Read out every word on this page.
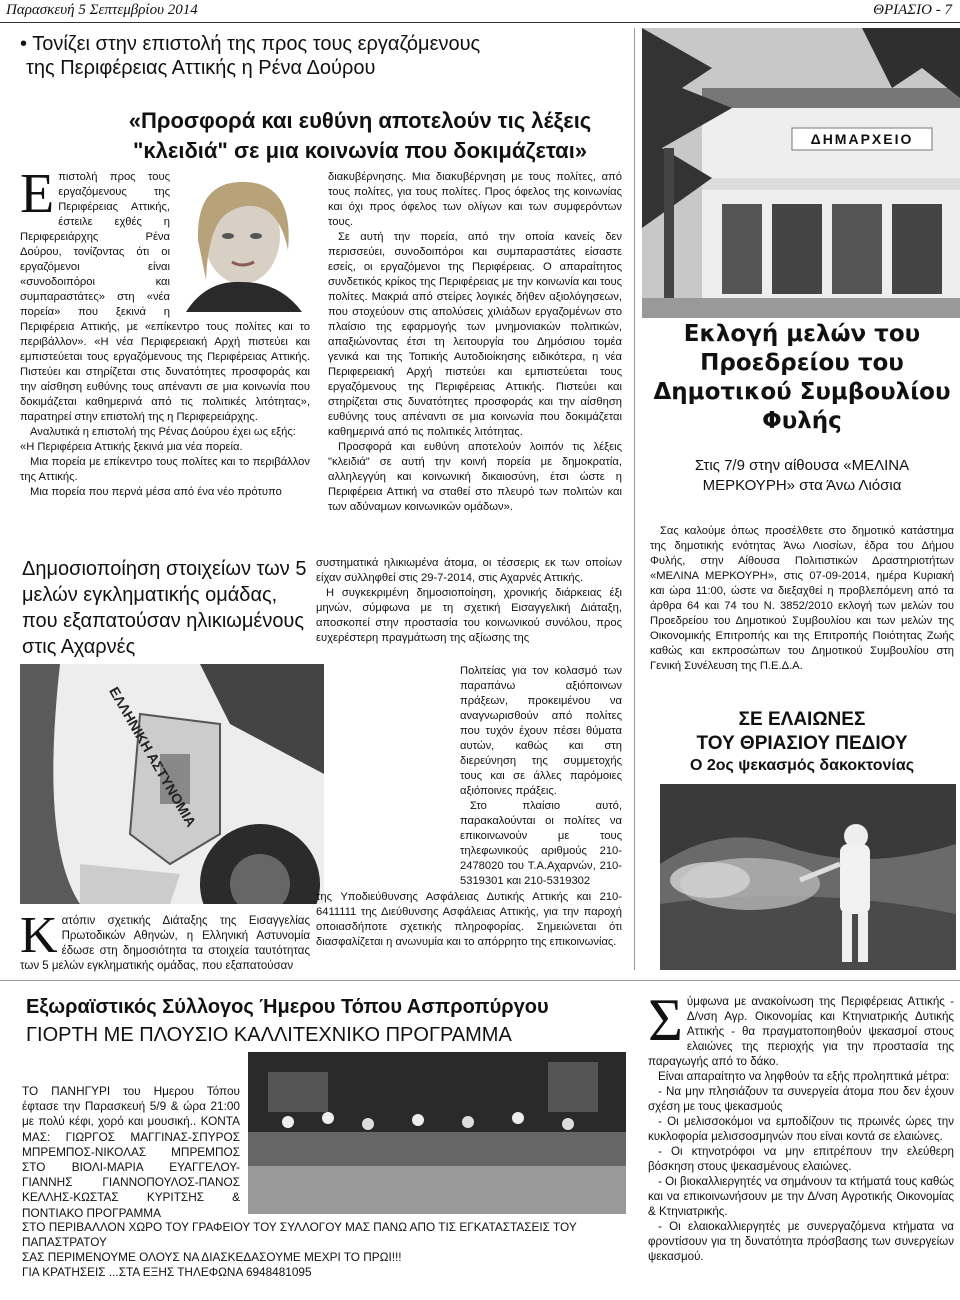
Παρασκευή 5 Σεπτεμβρίου 2014	ΘΡΙΑΣΙΟ - 7
• Τονίζει στην επιστολή της προς τους εργαζόμενους
της Περιφέρειας Αττικής η Ρένα Δούρου
«Προσφορά και ευθύνη αποτελούν τις λέξεις
"κλειδιά" σε μια κοινωνία που δοκιμάζεται»
Ε πιστολή προς τους εργαζόμενους της Περιφέρειας Αττικής, έστειλε εχθές η Περιφερειάρχης Ρένα Δούρου, τονίζοντας ότι οι εργαζόμενοι είναι «συνοδοιπόροι και συμπαραστάτες» στη «νέα πορεία» που ξεκινά η Περιφέρεια Αττικής, με «επίκεντρο τους πολίτες και το περιβάλλον». «Η νέα Περιφερειακή Αρχή πιστεύει και εμπιστεύεται τους εργαζόμενους της Περιφέρειας Αττικής. Πιστεύει και στηρίζεται στις δυνατότητες προσφοράς και την αίσθηση ευθύνης τους απέναντι σε μια κοινωνία που δοκιμάζεται καθημερινά από τις πολιτικές λιτότητας», παρατηρεί στην επιστολή της η Περιφερειάρχης.

Αναλυτικά η επιστολή της Ρένας Δούρου έχει ως εξής:

«Η Περιφέρεια Αττικής ξεκινά μια νέα πορεία.

Μια πορεία με επίκεντρο τους πολίτες και το περιβάλλον της Αττικής.

Μια πορεία που περνά μέσα από ένα νέο πρότυπο

διακυβέρνησης. Μια διακυβέρνηση με τους πολίτες, από τους πολίτες, για τους πολίτες. Προς όφελος της κοινωνίας και όχι προς όφελος των ολίγων και των συμφερόντων τους.

Σε αυτή την πορεία, από την οποία κανείς δεν περισσεύει, συνοδοιπόροι και συμπαραστάτες είσαστε εσείς, οι εργαζόμενοι της Περιφέρειας. Ο απαραίτητος συνδετικός κρίκος της Περιφέρειας με την κοινωνία και τους πολίτες. Μακριά από στείρες λογικές δήθεν αξιολόγησεων, που στοχεύουν στις απολύσεις χιλιάδων εργαζομένων στο πλαίσιο της εφαρμογής των μνημονιακών πολιτικών, απαξιώνοντας έτσι τη λειτουργία του Δημόσιου τομέα γενικά και της Τοπικής Αυτοδιοίκησης ειδικότερα, η νέα Περιφερειακή Αρχή πιστεύει και εμπιστεύεται τους εργαζόμενους της Περιφέρειας Αττικής. Πιστεύει και στηρίζεται στις δυνατότητες προσφοράς και την αίσθηση ευθύνης τους απέναντι σε μια κοινωνία που δοκιμάζεται καθημερινά από τις πολιτικές λιτότητας.

Προσφορά και ευθύνη αποτελούν λοιπόν τις λέξεις "κλειδιά" σε αυτή την κοινή πορεία με δημοκρατία, αλληλεγγύη και κοινωνική δικαιοσύνη, έτσι ώστε η Περιφέρεια Αττική να σταθεί στο πλευρό των πολιτών και των αδύναμων κοινωνικών ομάδων».

ΔΗΜΑΡΧΕΙΟ
Εκλογή μελών του Προεδρείου του Δημοτικού Συμβουλίου Φυλής
Στις 7/9 στην αίθουσα «ΜΕΛΙΝΑ ΜΕΡΚΟΥΡΗ» στα Άνω Λιόσια

Σας καλούμε όπως προσέλθετε στο δημοτικό κατάστημα της δημοτικής ενότητας Άνω Λιοσίων, έδρα του Δήμου Φυλής, στην Αίθουσα Πολιτιστικών Δραστηριοτήτων «ΜΕΛΙΝΑ ΜΕΡΚΟΥΡΗ», στις 07-09-2014, ημέρα Κυριακή και ώρα 11:00, ώστε να διεξαχθεί η προβλεπόμενη από τα άρθρα 64 και 74 του Ν. 3852/2010 εκλογή των μελών του Προεδρείου του Δημοτικού Συμβουλίου και των μελών της Οικονομικής Επιτροπής και της Επιτροπής Ποιότητας Ζωής καθώς και εκπροσώπων του Δημοτικού Συμβουλίου στη Γενική Συνέλευση της Π.Ε.Δ.Α.

ΣΕ ΕΛΑΙΩΝΕΣ
ΤΟΥ ΘΡΙΑΣΙΟΥ ΠΕΔΙΟΥ
Ο 2ος ψεκασμός δακοκτονίας
Δημοσιοποίηση στοιχείων των 5 μελών εγκληματικής ομάδας, που εξαπατούσαν ηλικιωμένους στις Αχαρνές
ΕΛΛΗΝΙΚΗ ΑΣΤΥΝΟΜΙΑ
Κ ατόπιν σχετικής Διάταξης της Εισαγγελίας Πρωτοδικών Αθηνών, η Ελληνική Αστυνομία έδωσε στη δημοσιότητα τα στοιχεία ταυτότητας των 5 μελών εγκληματικής ομάδας, που εξαπατούσαν

συστηματικά ηλικιωμένα άτομα, οι τέσσερις εκ των οποίων είχαν συλληφθεί στις 29-7-2014, στις Αχαρνές Αττικής.

Η συγκεκριμένη δημοσιοποίηση, χρονικής διάρκειας έξι μηνών, σύμφωνα με τη σχετική Εισαγγελική Διάταξη, αποσκοπεί στην προστασία του κοινωνικού συνόλου, προς ευχερέστερη πραγμάτωση της αξίωσης της

Πολιτείας για τον κολασμό των παραπάνω αξιόποινων πράξεων, προκειμένου να αναγνωρισθούν από πολίτες που τυχόν έχουν πέσει θύματα αυτών, καθώς και στη διερεύνηση της συμμετοχής τους και σε άλλες παρόμοιες αξιόποινες πράξεις.

Στο πλαίσιο αυτό, παρακαλούνται οι πολίτες να επικοινωνούν με τους τηλεφωνικούς αριθμούς 210-2478020 του Τ.Α.Αχαρνών, 210-5319301 και 210-5319302

της Υποδιεύθυνσης Ασφάλειας Δυτικής Αττικής και 210-6411111 της Διεύθυνσης Ασφάλειας Αττικής, για την παροχή οποιασδήποτε σχετικής πληροφορίας. Σημειώνεται ότι διασφαλίζεται η ανωνυμία και το απόρρητο της επικοινωνίας.

Εξωραϊστικός Σύλλογος Ήμερου Τόπου Ασπροπύργου
ΓΙΟΡΤΗ ΜΕ ΠΛΟΥΣΙΟ ΚΑΛΛΙΤΕΧΝΙΚΟ ΠΡΟΓΡΑΜΜΑ

ΤΟ ΠΑΝΗΓΥΡΙ του Ημερου Τόπου έφτασε την Παρασκευή 5/9 & ώρα 21:00 με πολύ κέφι, χορό και μουσική.. ΚΟΝΤΑ ΜΑΣ: ΓΙΩΡΓΟΣ ΜΑΓΓΙΝΑΣ-ΣΠΥΡΟΣ ΜΠΡΕΜΠΟΣ-ΝΙΚΟΛΑΣ ΜΠΡΕΜΠΟΣ ΣΤΟ ΒΙΟΛΙ-ΜΑΡΙΑ ΕΥΑΓΓΕΛΟΥ-ΓΙΑΝΝΗΣ ΓΙΑΝΝΟΠΟΥΛΟΣ-ΠΑΝΟΣ ΚΕΛΛΗΣ-ΚΩΣΤΑΣ ΚΥΡΙΤΣΗΣ & ΠΟΝΤΙΑΚΟ ΠΡΟΓΡΑΜΜΑ

ΣΤΟ ΠΕΡΙΒΑΛΛΟΝ ΧΩΡΟ ΤΟΥ ΓΡΑΦΕΙΟΥ ΤΟΥ ΣΥΛΛΟΓΟΥ ΜΑΣ ΠΑΝΩ ΑΠΟ ΤΙΣ ΕΓΚΑΤΑΣΤΑΣΕΙΣ ΤΟΥ ΠΑΠΑΣΤΡΑΤΟΥ
ΣΑΣ ΠΕΡΙΜΕΝΟΥΜΕ ΟΛΟΥΣ ΝΑ ΔΙΑΣΚΕΔΑΣΟΥΜΕ ΜΕΧΡΙ ΤΟ ΠΡΩΙ!!!
ΓΙΑ ΚΡΑΤΗΣΕΙΣ ...ΣΤΑ ΕΞΗΣ ΤΗΛΕΦΩΝΑ 6948481095
Σ ύμφωνα με ανακοίνωση της Περιφέρειας Αττικής - Δ/νση Αγρ. Οικονομίας και Κτηνιατρικής Δυτικής Αττικής - θα πραγματοποιηθούν ψεκασμοί στους ελαιώνες της περιοχής για την προστασία της παραγωγής από το δάκο.

Είναι απαραίτητο να ληφθούν τα εξής προληπτικά μέτρα:

- Να μην πλησιάζουν τα συνεργεία άτομα που δεν έχουν σχέση με τους ψεκασμούς
- Οι μελισσοκόμοι να εμποδίζουν τις πρωινές ώρες την κυκλοφορία μελισσοσμηνών που είναι κοντά σε ελαιώνες.
- Οι κτηνοτρόφοι να μην επιτρέπουν την ελεύθερη βόσκηση στους ψεκασμένους ελαιώνες.
- Οι βιοκαλλιεργητές να σημάνουν τα κτήματά τους καθώς και να επικοινωνήσουν με την Δ/νση Αγροτικής Οικονομίας & Κτηνιατρικής.
- Οι ελαιοκαλλιεργητές με συνεργαζόμενα κτήματα να φροντίσουν για τη δυνατότητα πρόσβασης των συνεργείων ψεκασμού.
